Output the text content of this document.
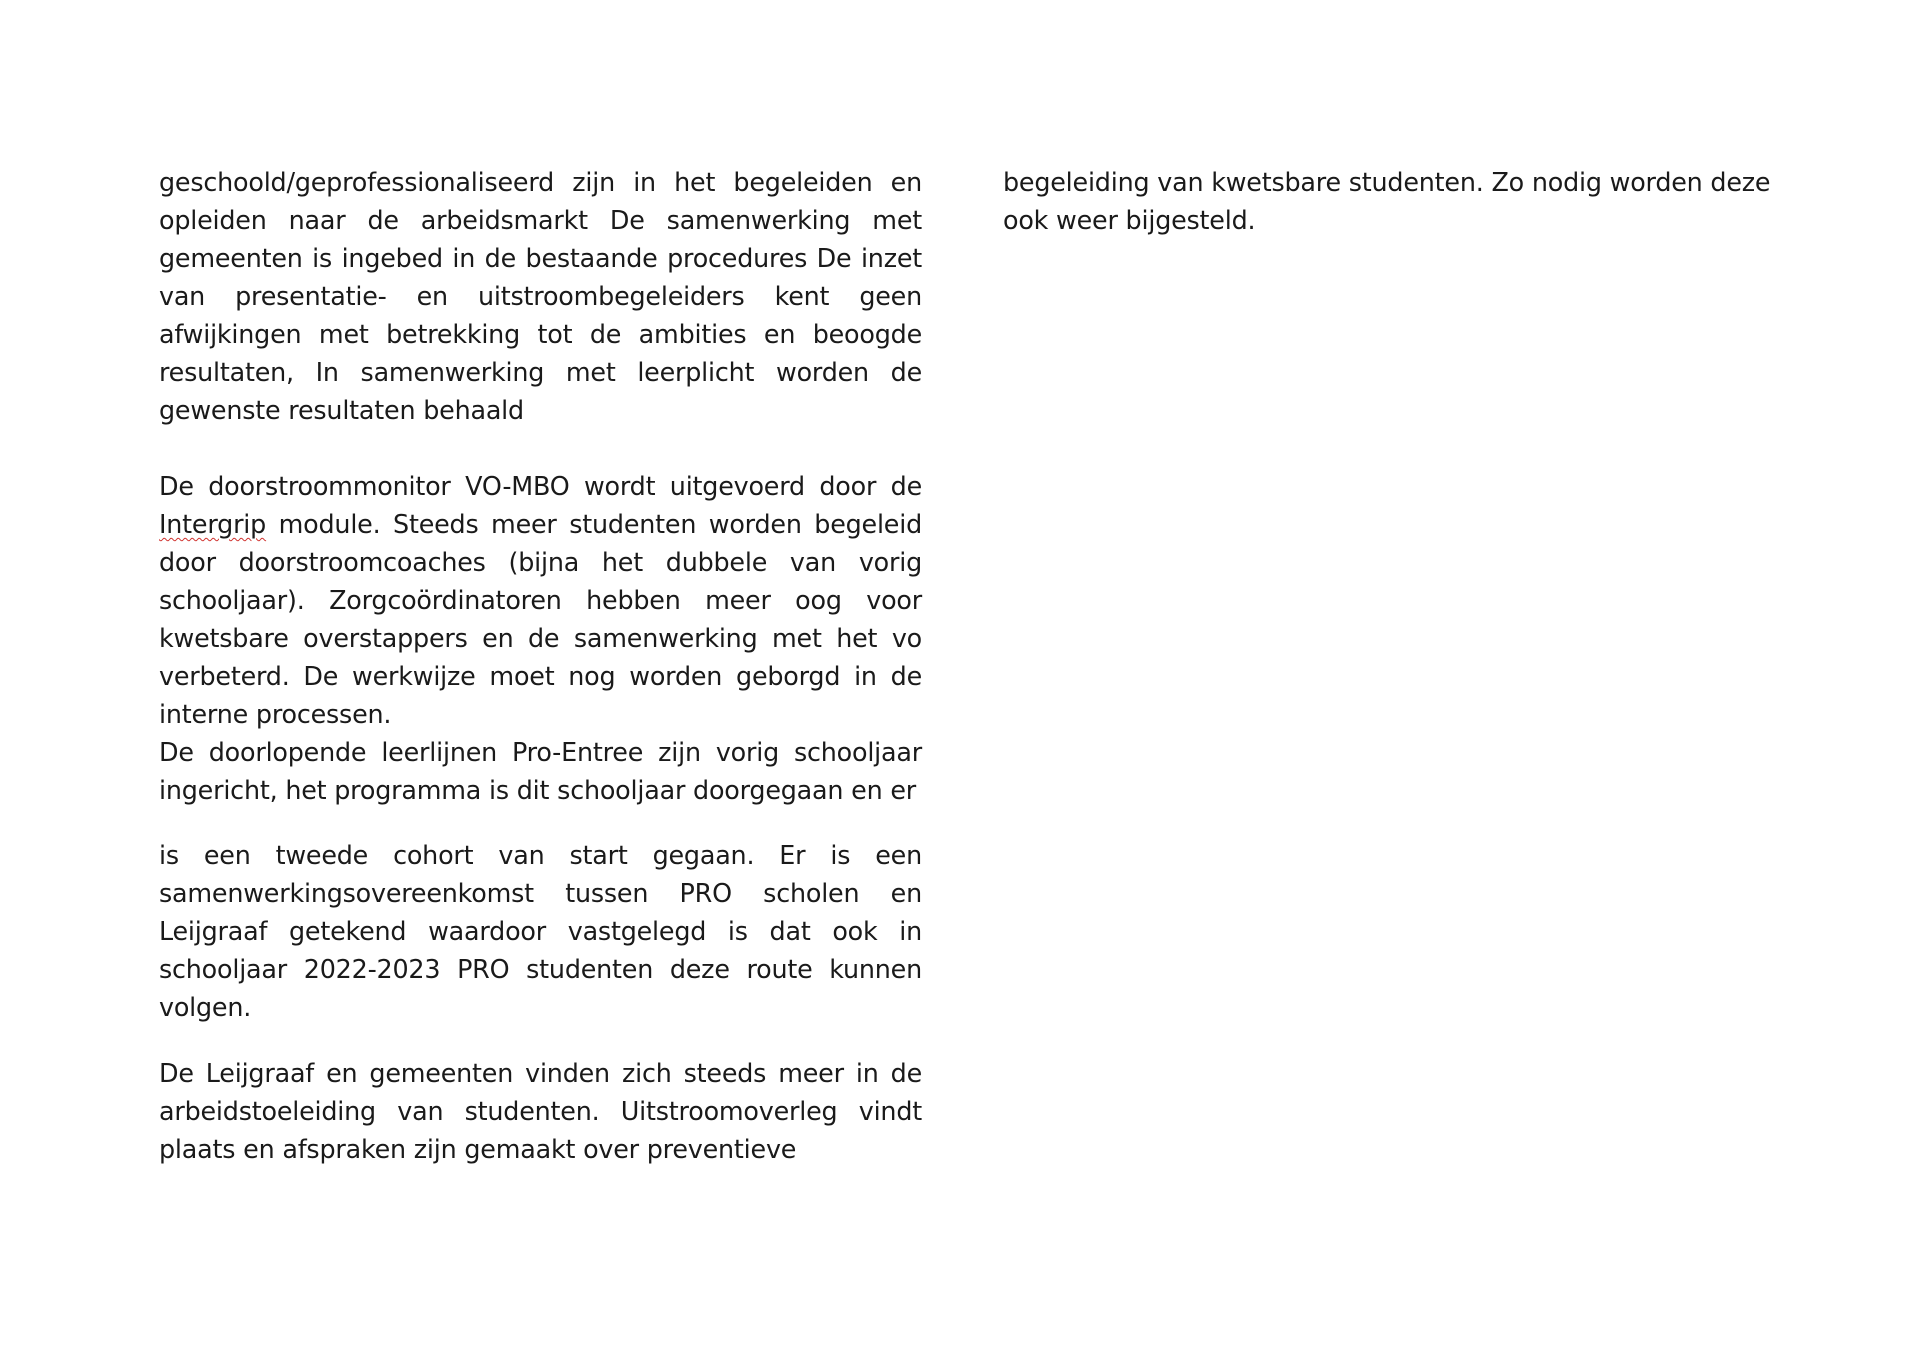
geschoold/geprofessionaliseerd zijn in het begeleiden en opleiden naar de arbeidsmarkt De samenwerking met gemeenten is ingebed in de bestaande procedures De inzet van presentatie- en uitstroombegeleiders kent geen afwijkingen met betrekking tot de ambities en beoogde resultaten, In samenwerking met leerplicht worden de gewenste resultaten behaald

De doorstroommonitor VO-MBO wordt uitgevoerd door de Intergrip module. Steeds meer studenten worden begeleid door doorstroomcoaches (bijna het dubbele van vorig schooljaar). Zorgcoördinatoren hebben meer oog voor kwetsbare overstappers en de samenwerking met het vo verbeterd. De werkwijze moet nog worden geborgd in de interne processen.

De doorlopende leerlijnen Pro-Entree zijn vorig schooljaar ingericht, het programma is dit schooljaar doorgegaan en er

is een tweede cohort van start gegaan. Er is een samenwerkingsovereenkomst tussen PRO scholen en Leijgraaf getekend waardoor vastgelegd is dat ook in schooljaar 2022-2023 PRO studenten deze route kunnen volgen.

De Leijgraaf en gemeenten vinden zich steeds meer in de arbeidstoeleiding van studenten. Uitstroomoverleg vindt plaats en afspraken zijn gemaakt over preventieve

begeleiding van kwetsbare studenten. Zo nodig worden deze ook weer bijgesteld.
